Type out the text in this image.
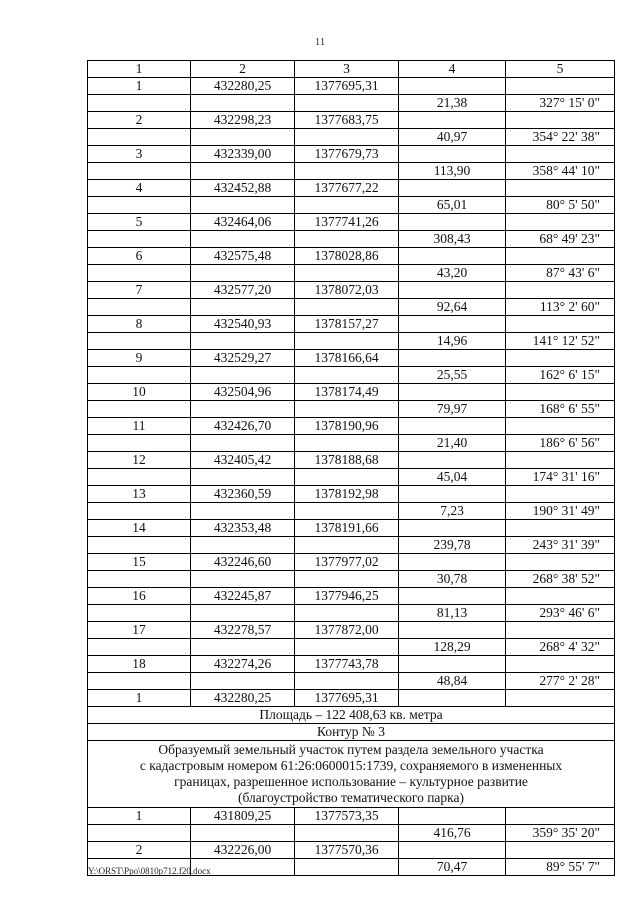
11
1	2	3	4	5
1	432280,25	1377695,31		
			21,38	327° 15' 0"
2	432298,23	1377683,75		
			40,97	354° 22' 38"
3	432339,00	1377679,73		
			113,90	358° 44' 10"
4	432452,88	1377677,22		
			65,01	80° 5' 50"
5	432464,06	1377741,26		
			308,43	68° 49' 23"
6	432575,48	1378028,86		
			43,20	87° 43' 6"
7	432577,20	1378072,03		
			92,64	113° 2' 60"
8	432540,93	1378157,27		
			14,96	141° 12' 52"
9	432529,27	1378166,64		
			25,55	162° 6' 15"
10	432504,96	1378174,49		
			79,97	168° 6' 55"
11	432426,70	1378190,96		
			21,40	186° 6' 56"
12	432405,42	1378188,68		
			45,04	174° 31' 16"
13	432360,59	1378192,98		
			7,23	190° 31' 49"
14	432353,48	1378191,66		
			239,78	243° 31' 39"
15	432246,60	1377977,02		
			30,78	268° 38' 52"
16	432245,87	1377946,25		
			81,13	293° 46' 6"
17	432278,57	1377872,00		
			128,29	268° 4' 32"
18	432274,26	1377743,78		
			48,84	277° 2' 28"
1	432280,25	1377695,31		
Площадь – 122 408,63 кв. метра				
Контур № 3				

Образуемый земельный участок путем раздела земельного участка
с кадастровым номером 61:26:0600015:1739, сохраняемого в измененных
границах, разрешенное использование – культурное развитие
(благоустройство тематического парка)				

1	431809,25	1377573,35		
			416,76	359° 35' 20"
2	432226,00	1377570,36		
			70,47	89° 55' 7"
Y:\ORST\Ppo\0810p712.f20.docx
